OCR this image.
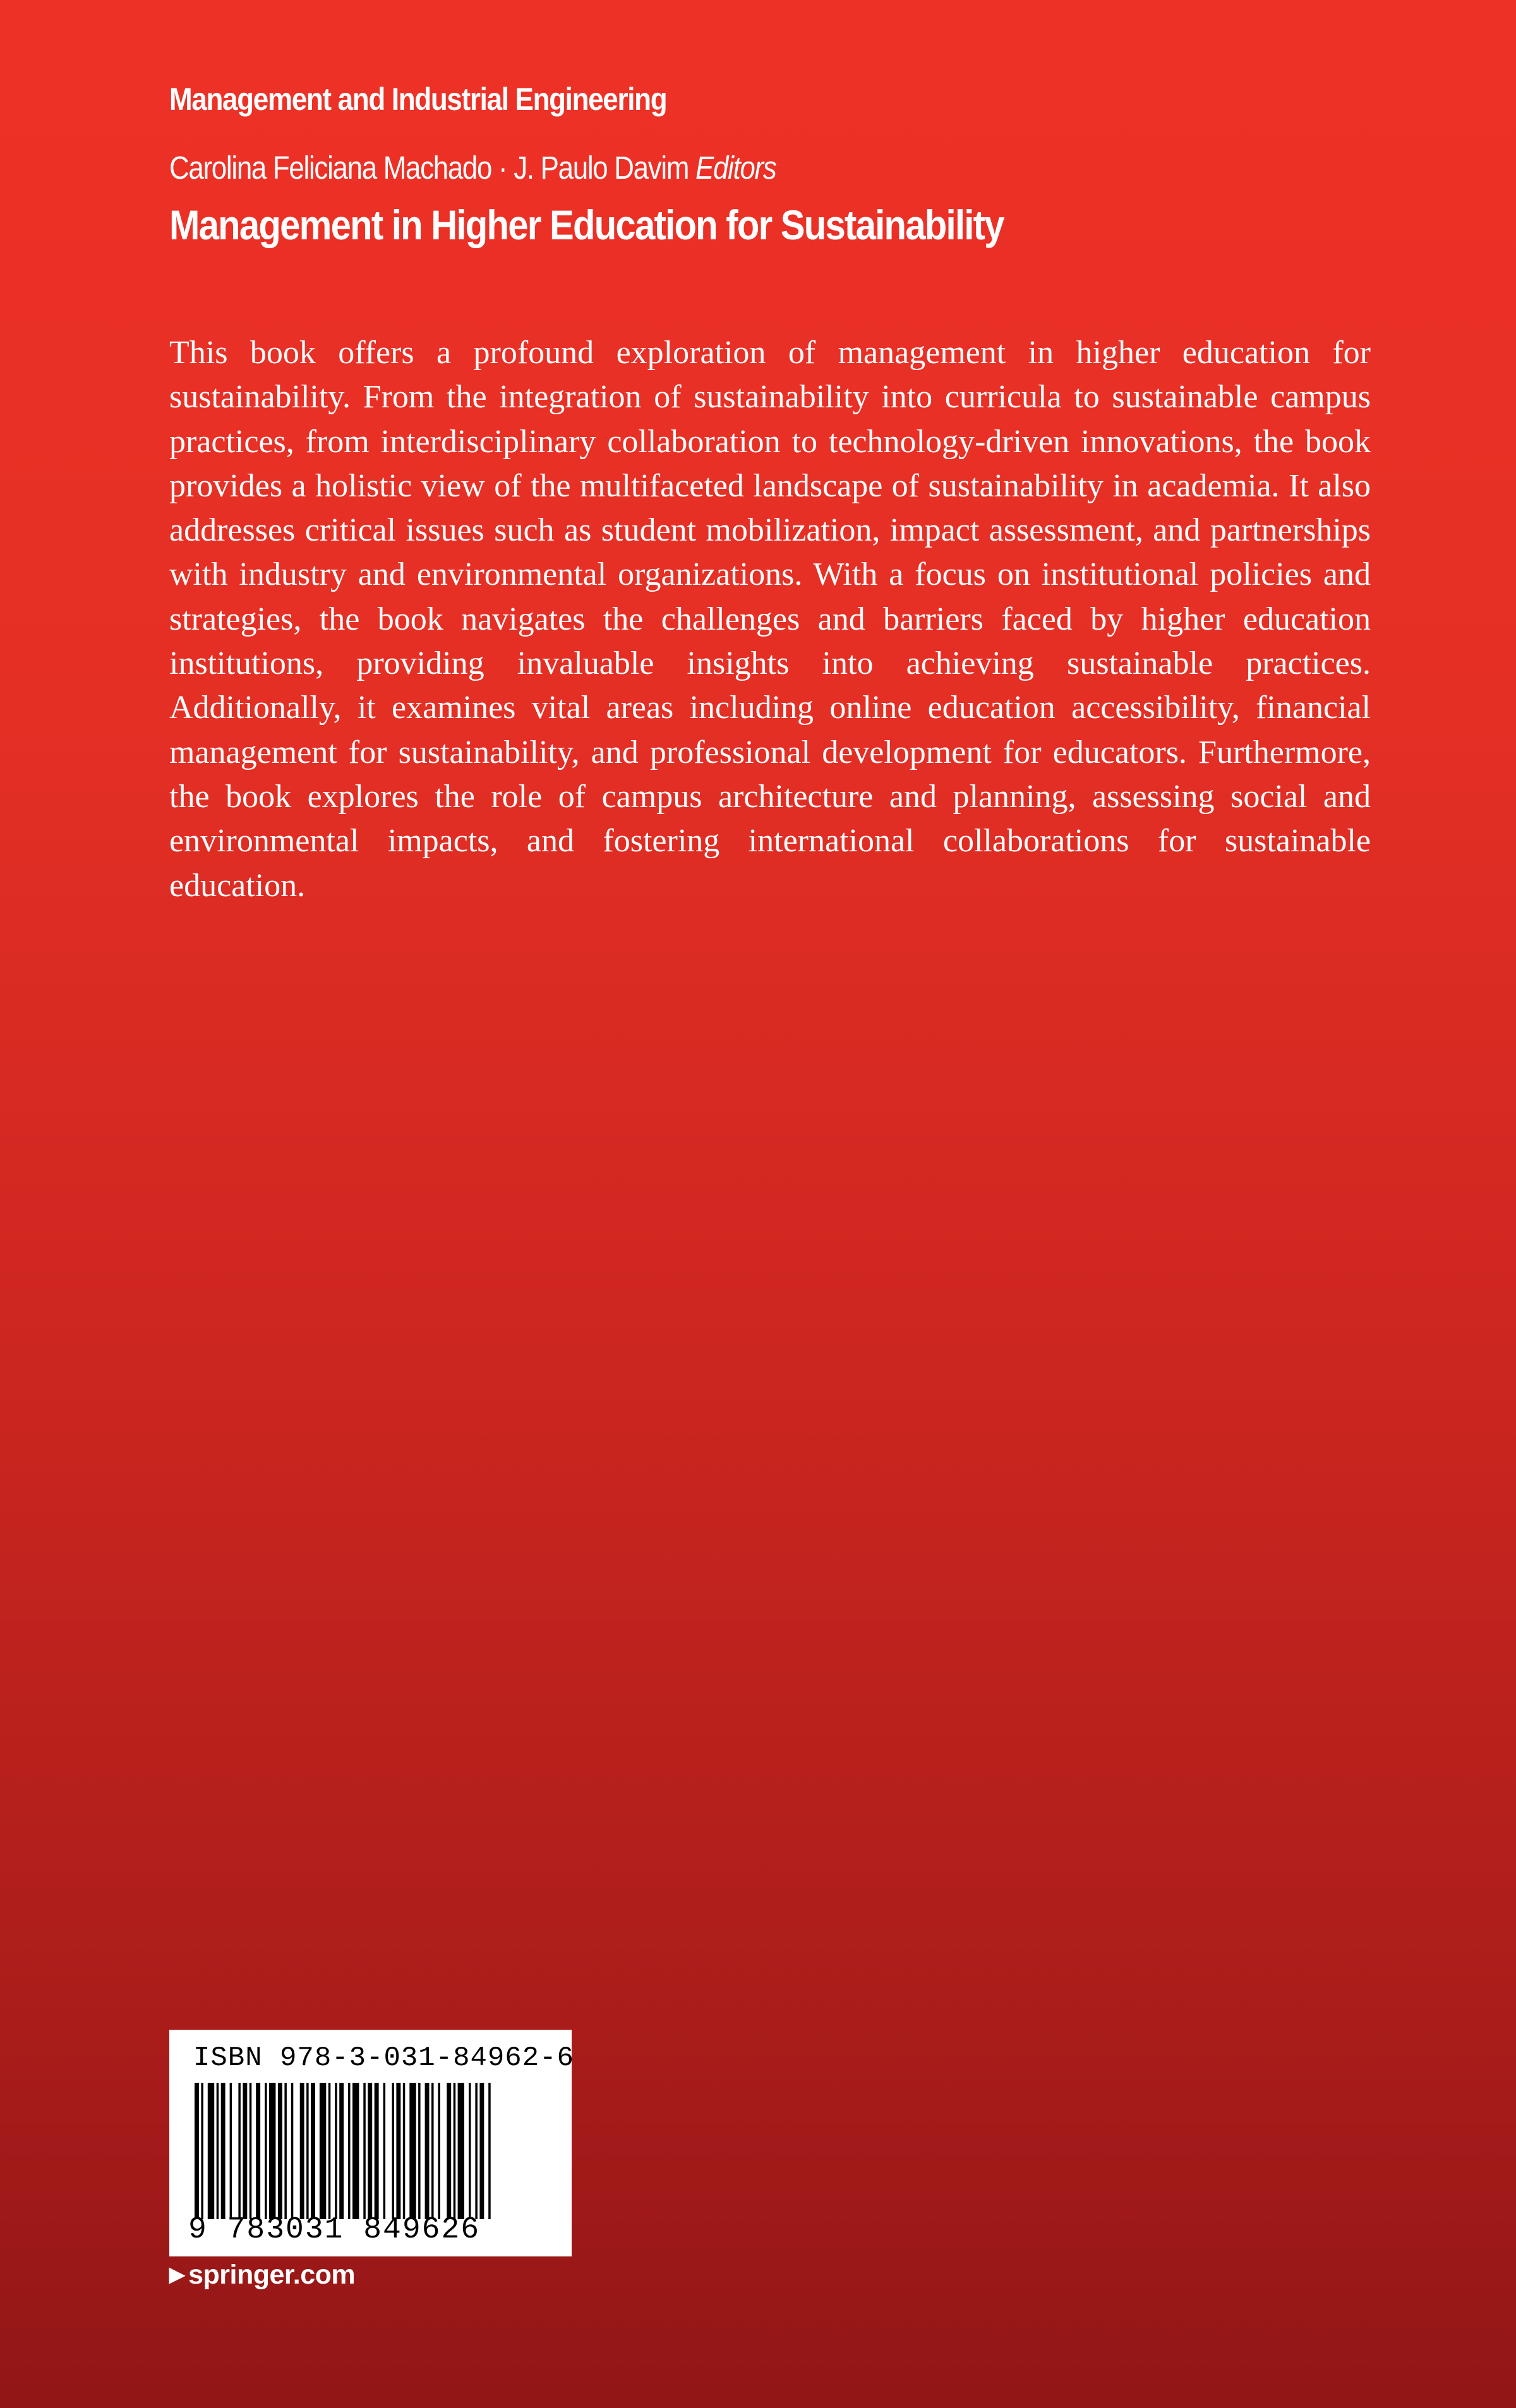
Management and Industrial Engineering
Carolina Feliciana Machado · J. Paulo Davim Editors
Management in Higher Education for Sustainability
This book offers a profound exploration of management in higher education for sustainability. From the integration of sustainability into curricula to sustainable campus practices, from interdisciplinary collaboration to technology-driven innovations, the book provides a holistic view of the multifaceted landscape of sustainability in academia. It also addresses critical issues such as student mobilization, impact assessment, and partnerships with industry and environmental organizations. With a focus on institutional policies and strategies, the book navigates the challenges and barriers faced by higher education institutions, providing invaluable insights into achieving sustainable practices. Additionally, it examines vital areas including online education accessibility, financial management for sustainability, and professional development for educators. Furthermore, the book explores the role of campus architecture and planning, assessing social and environmental impacts, and fostering international collaborations for sustainable education.
ISBN 978-3-031-84962-6
9 783031 849626
▶ springer.com
